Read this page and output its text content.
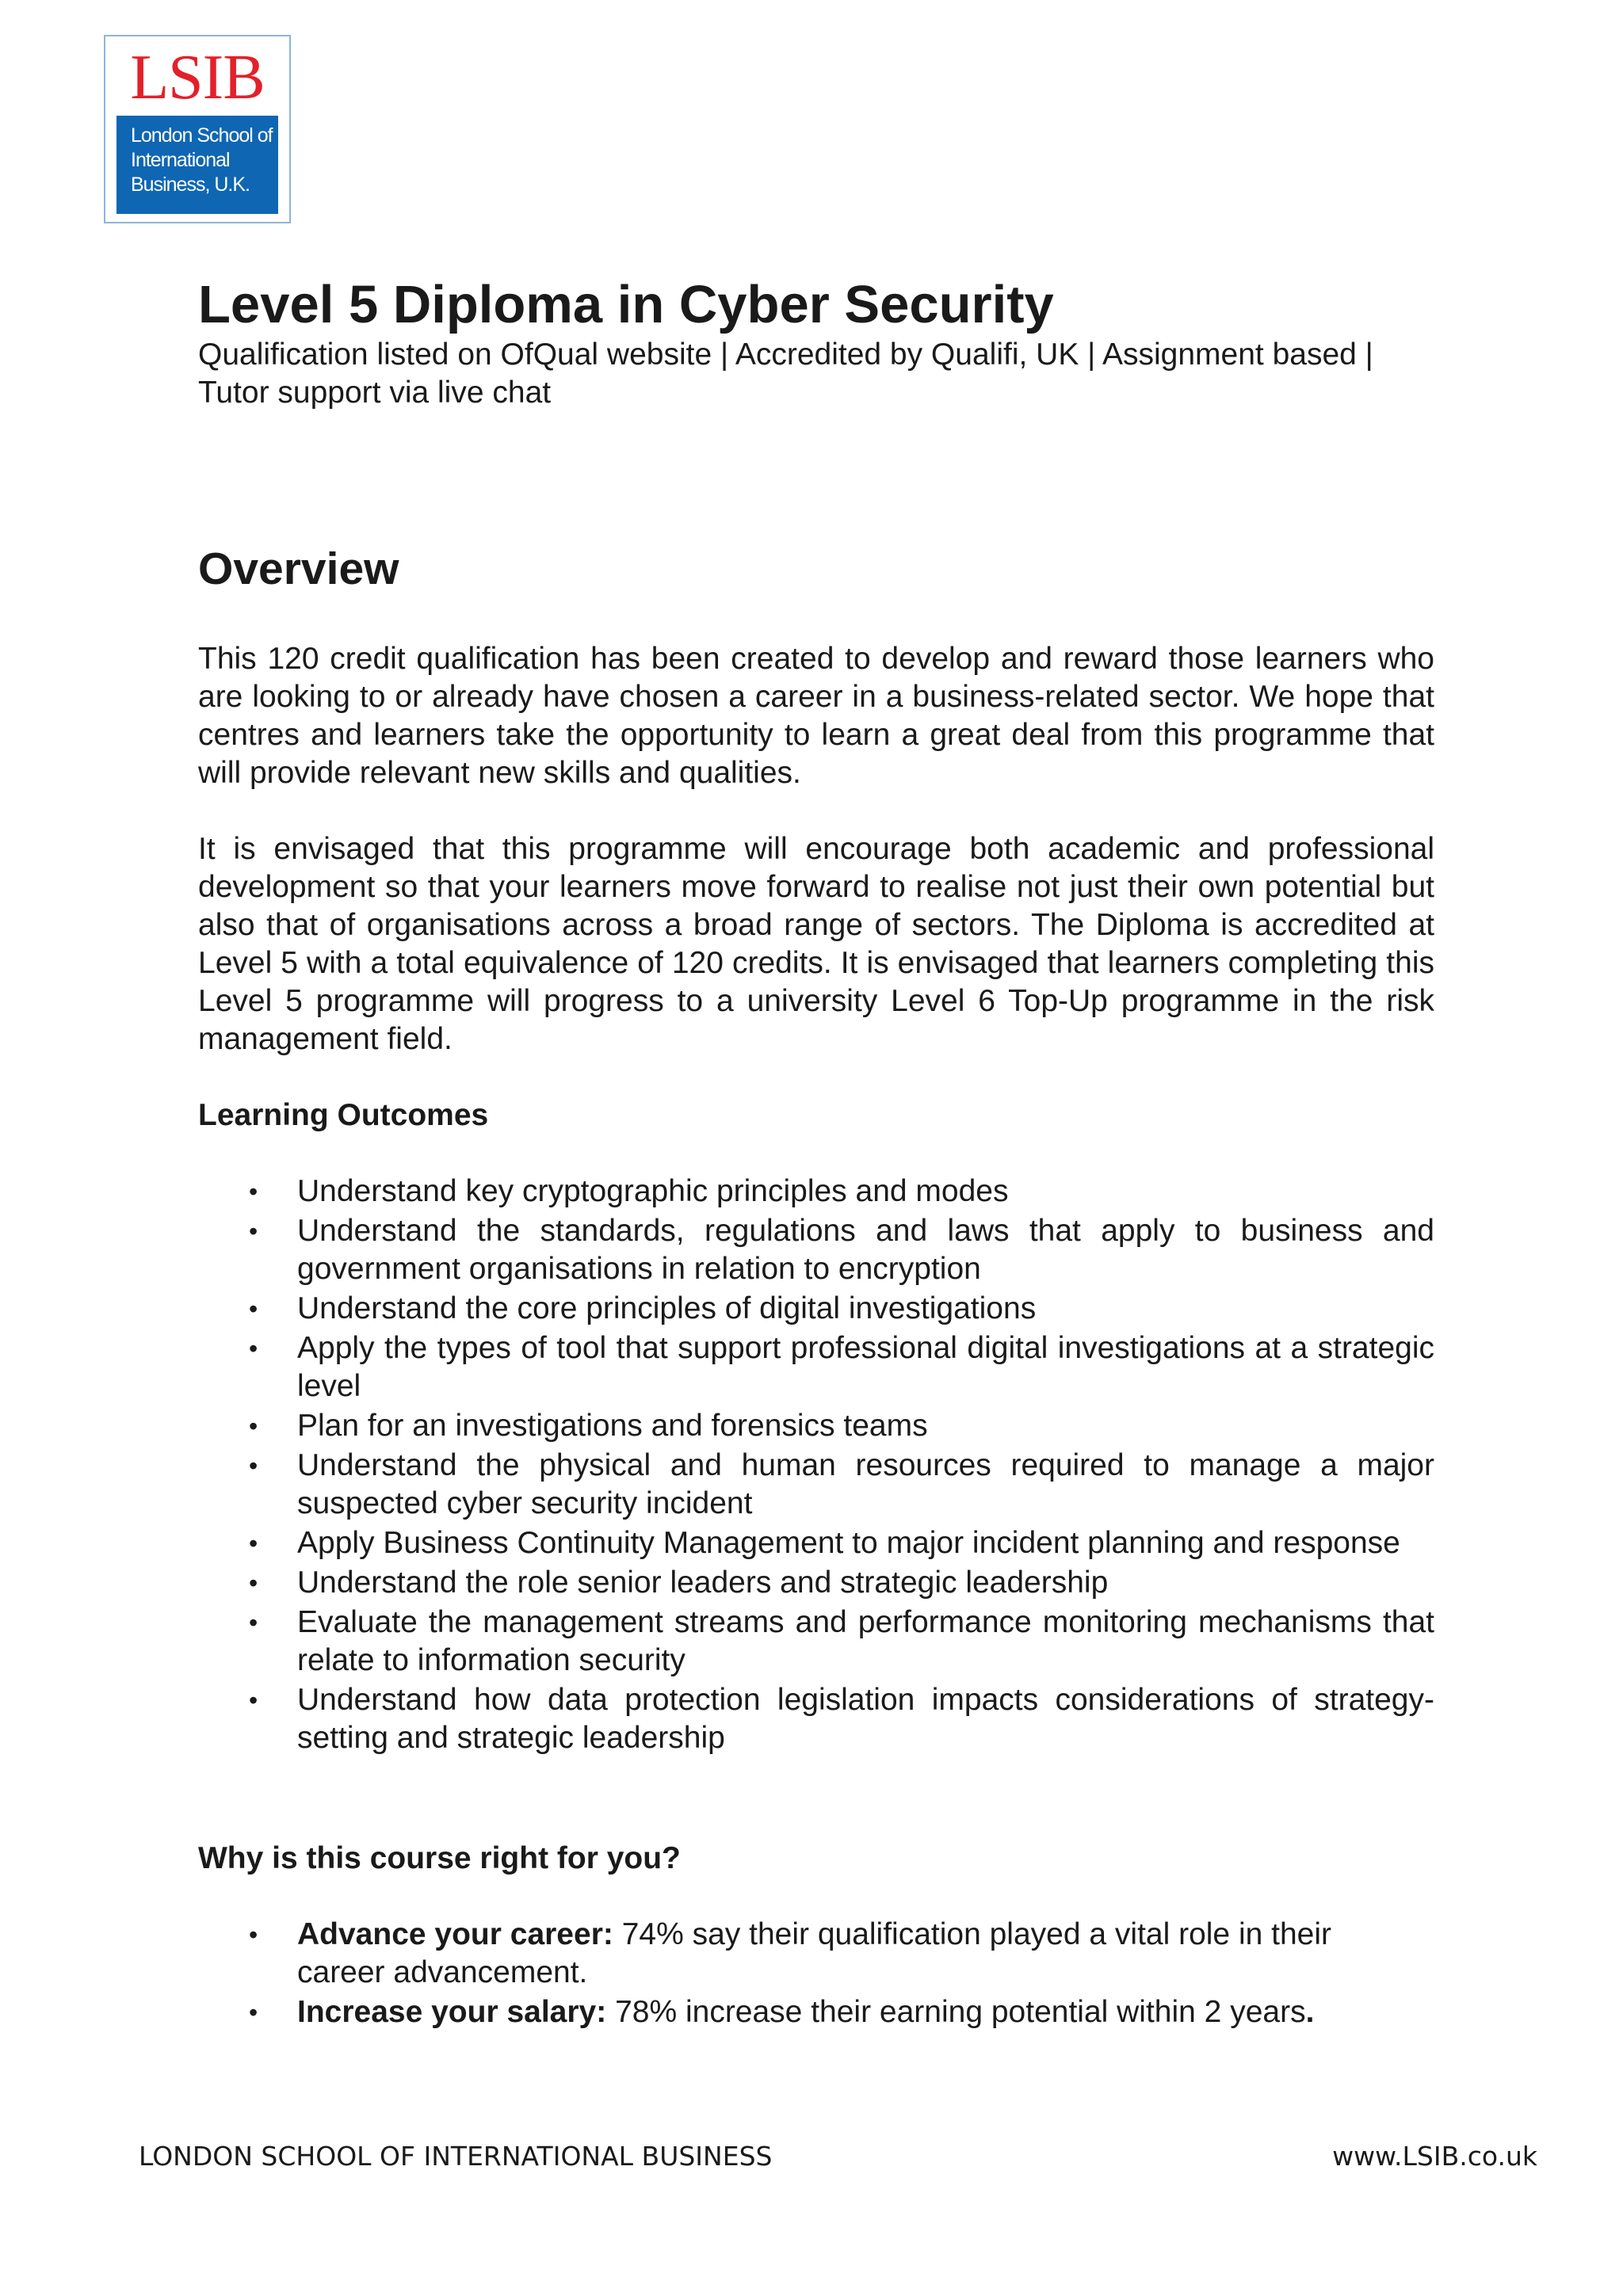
LSIB
London School of
International
Business, U.K.
Level 5 Diploma in Cyber Security

Qualification listed on OfQual website | Accredited by Qualifi, UK | Assignment based | Tutor support via live chat

Overview

This 120 credit qualification has been created to develop and reward those learners who are looking to or already have chosen a career in a business-related sector. We hope that centres and learners take the opportunity to learn a great deal from this programme that will provide relevant new skills and qualities.

It is envisaged that this programme will encourage both academic and professional development so that your learners move forward to realise not just their own potential but also that of organisations across a broad range of sectors. The Diploma is accredited at Level 5 with a total equivalence of 120 credits. It is envisaged that learners completing this Level 5 programme will progress to a university Level 6 Top-Up programme in the risk management field.

Learning Outcomes
• Understand key cryptographic principles and modes
• Understand the standards, regulations and laws that apply to business and government organisations in relation to encryption
• Understand the core principles of digital investigations
• Apply the types of tool that support professional digital investigations at a strategic level
• Plan for an investigations and forensics teams
• Understand the physical and human resources required to manage a major suspected cyber security incident
• Apply Business Continuity Management to major incident planning and response
• Understand the role senior leaders and strategic leadership
• Evaluate the management streams and performance monitoring mechanisms that relate to information security
• Understand how data protection legislation impacts considerations of strategy-setting and strategic leadership
Why is this course right for you?
• Advance your career: 74% say their qualification played a vital role in their career advancement.
• Increase your salary: 78% increase their earning potential within 2 years.
LONDON SCHOOL OF INTERNATIONAL BUSINESS	www.LSIB.co.uk
